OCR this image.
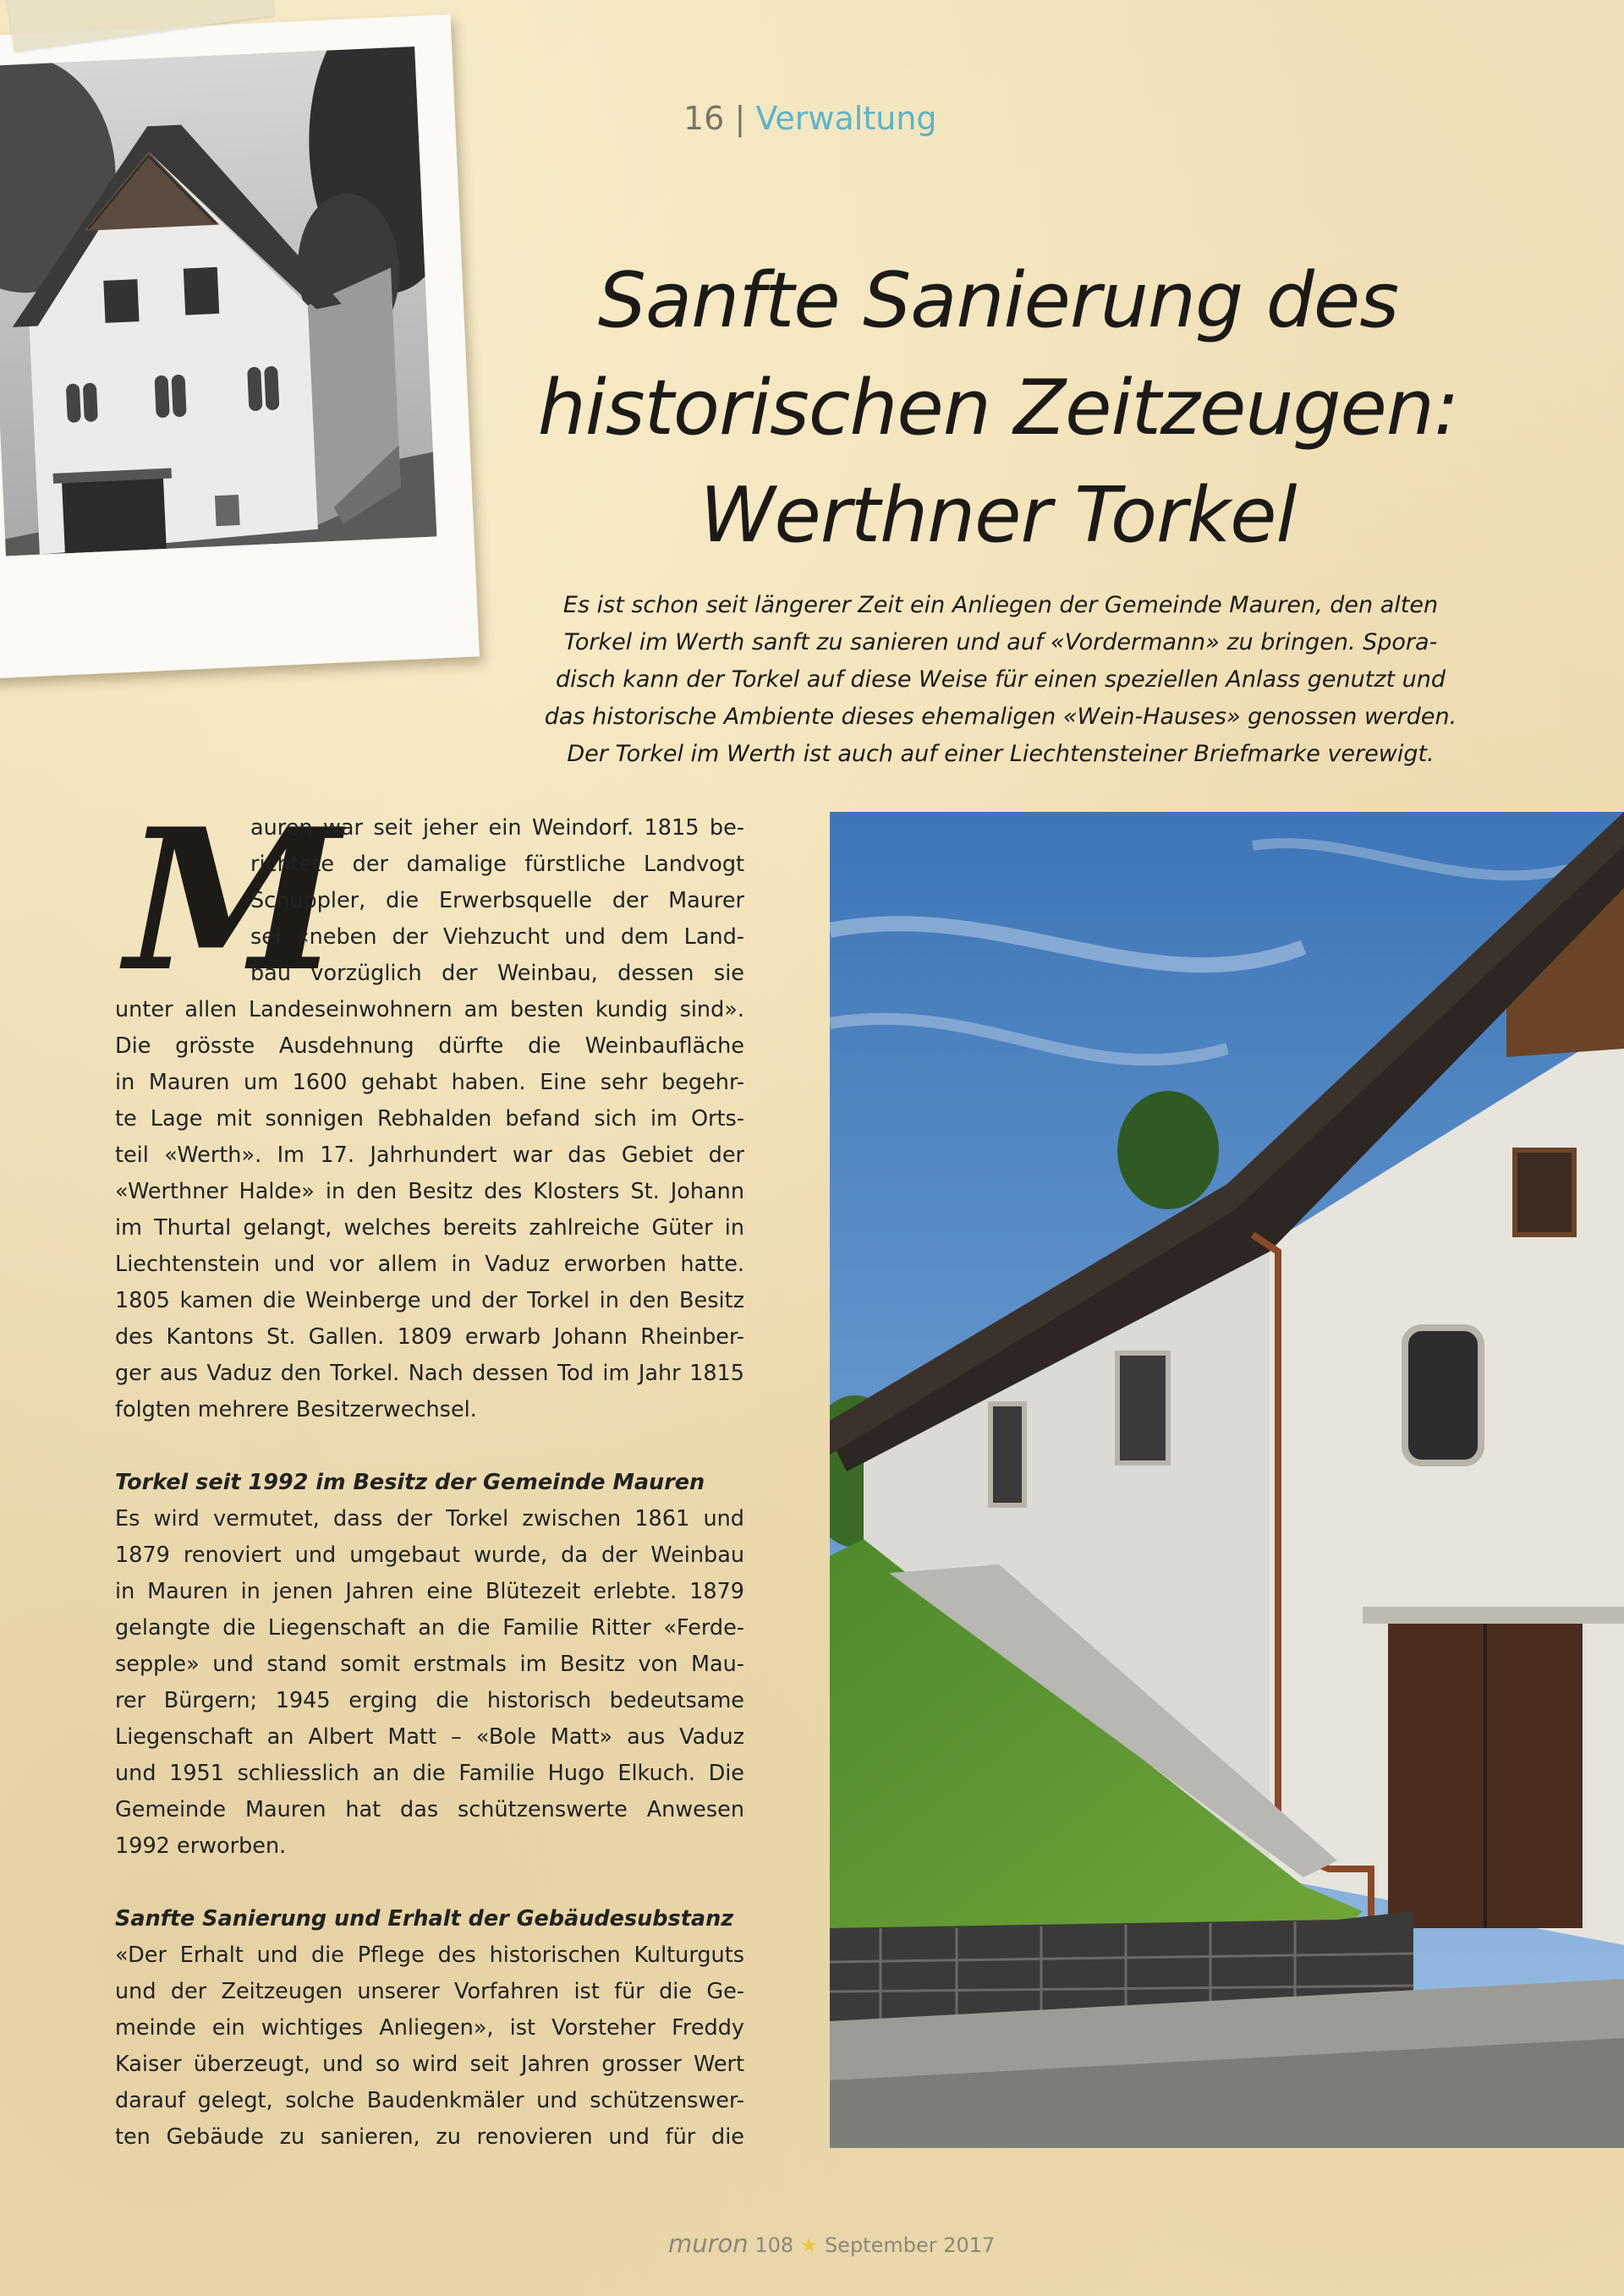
16 | Verwaltung
Sanfte Sanierung des
historischen Zeitzeugen:
Werthner Torkel
Es ist schon seit längerer Zeit ein Anliegen der Gemeinde Mauren, den alten
Torkel im Werth sanft zu sanieren und auf «Vordermann» zu bringen. Spora-
disch kann der Torkel auf diese Weise für einen speziellen Anlass genutzt und
das historische Ambiente dieses ehemaligen «Wein-Hauses» genossen werden.
Der Torkel im Werth ist auch auf einer Liechtensteiner Briefmarke verewigt.
M
auren war seit jeher ein Weindorf. 1815 be-
richtete der damalige fürstliche Landvogt
Schuppler, die Erwerbsquelle der Maurer
sei «neben der Viehzucht und dem Land-
bau vorzüglich der Weinbau, dessen sie
unter allen Landeseinwohnern am besten kundig sind».
Die grösste Ausdehnung dürfte die Weinbaufläche
in Mauren um 1600 gehabt haben. Eine sehr begehr-
te Lage mit sonnigen Rebhalden befand sich im Orts-
teil «Werth». Im 17. Jahrhundert war das Gebiet der
«Werthner Halde» in den Besitz des Klosters St. Johann
im Thurtal gelangt, welches bereits zahlreiche Güter in
Liechtenstein und vor allem in Vaduz erworben hatte.
1805 kamen die Weinberge und der Torkel in den Besitz
des Kantons St. Gallen. 1809 erwarb Johann Rheinber-
ger aus Vaduz den Torkel. Nach dessen Tod im Jahr 1815
folgten mehrere Besitzerwechsel.
Torkel seit 1992 im Besitz der Gemeinde Mauren
Es wird vermutet, dass der Torkel zwischen 1861 und
1879 renoviert und umgebaut wurde, da der Weinbau
in Mauren in jenen Jahren eine Blütezeit erlebte. 1879
gelangte die Liegenschaft an die Familie Ritter «Ferde-
sepple» und stand somit erstmals im Besitz von Mau-
rer Bürgern; 1945 erging die historisch bedeutsame
Liegenschaft an Albert Matt – «Bole Matt» aus Vaduz
und 1951 schliesslich an die Familie Hugo Elkuch. Die
Gemeinde Mauren hat das schützenswerte Anwesen
1992 erworben.
Sanfte Sanierung und Erhalt der Gebäudesubstanz
«Der Erhalt und die Pflege des historischen Kulturguts
und der Zeitzeugen unserer Vorfahren ist für die Ge-
meinde ein wichtiges Anliegen», ist Vorsteher Freddy
Kaiser überzeugt, und so wird seit Jahren grosser Wert
darauf gelegt, solche Baudenkmäler und schützenswer-
ten Gebäude zu sanieren, zu renovieren und für die
muron 108 ★ September 2017
